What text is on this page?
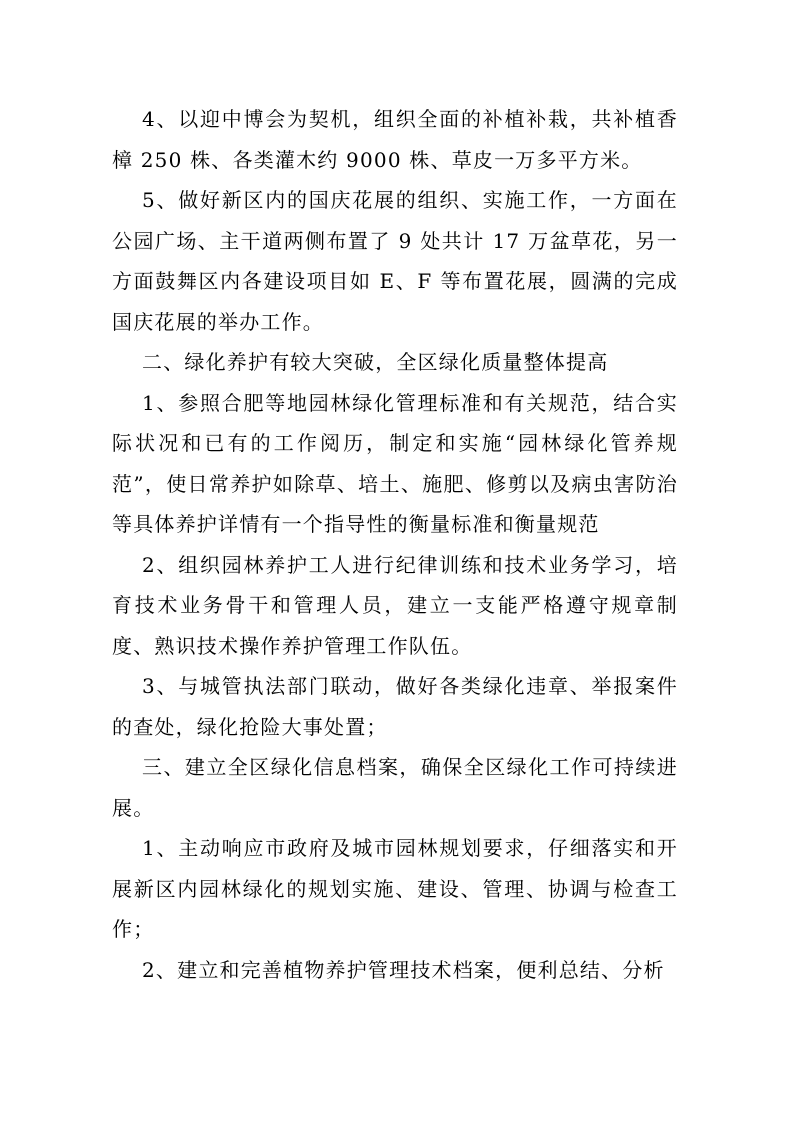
4、以迎中博会为契机，组织全面的补植补栽，共补植香樟 250 株、各类灌木约 9000 株、草皮一万多平方米。

5、做好新区内的国庆花展的组织、实施工作，一方面在公园广场、主干道两侧布置了 9 处共计 17 万盆草花，另一方面鼓舞区内各建设项目如 E、F 等布置花展，圆满的完成国庆花展的举办工作。

二、绿化养护有较大突破，全区绿化质量整体提高

1、参照合肥等地园林绿化管理标准和有关规范，结合实际状况和已有的工作阅历，制定和实施“园林绿化管养规范”，使日常养护如除草、培土、施肥、修剪以及病虫害防治等具体养护详情有一个指导性的衡量标准和衡量规范

2、组织园林养护工人进行纪律训练和技术业务学习，培育技术业务骨干和管理人员，建立一支能严格遵守规章制度、熟识技术操作养护管理工作队伍。

3、与城管执法部门联动，做好各类绿化违章、举报案件的查处，绿化抢险大事处置；

三、建立全区绿化信息档案，确保全区绿化工作可持续进展。

1、主动响应市政府及城市园林规划要求，仔细落实和开展新区内园林绿化的规划实施、建设、管理、协调与检查工作；

2、建立和完善植物养护管理技术档案，便利总结、分析
